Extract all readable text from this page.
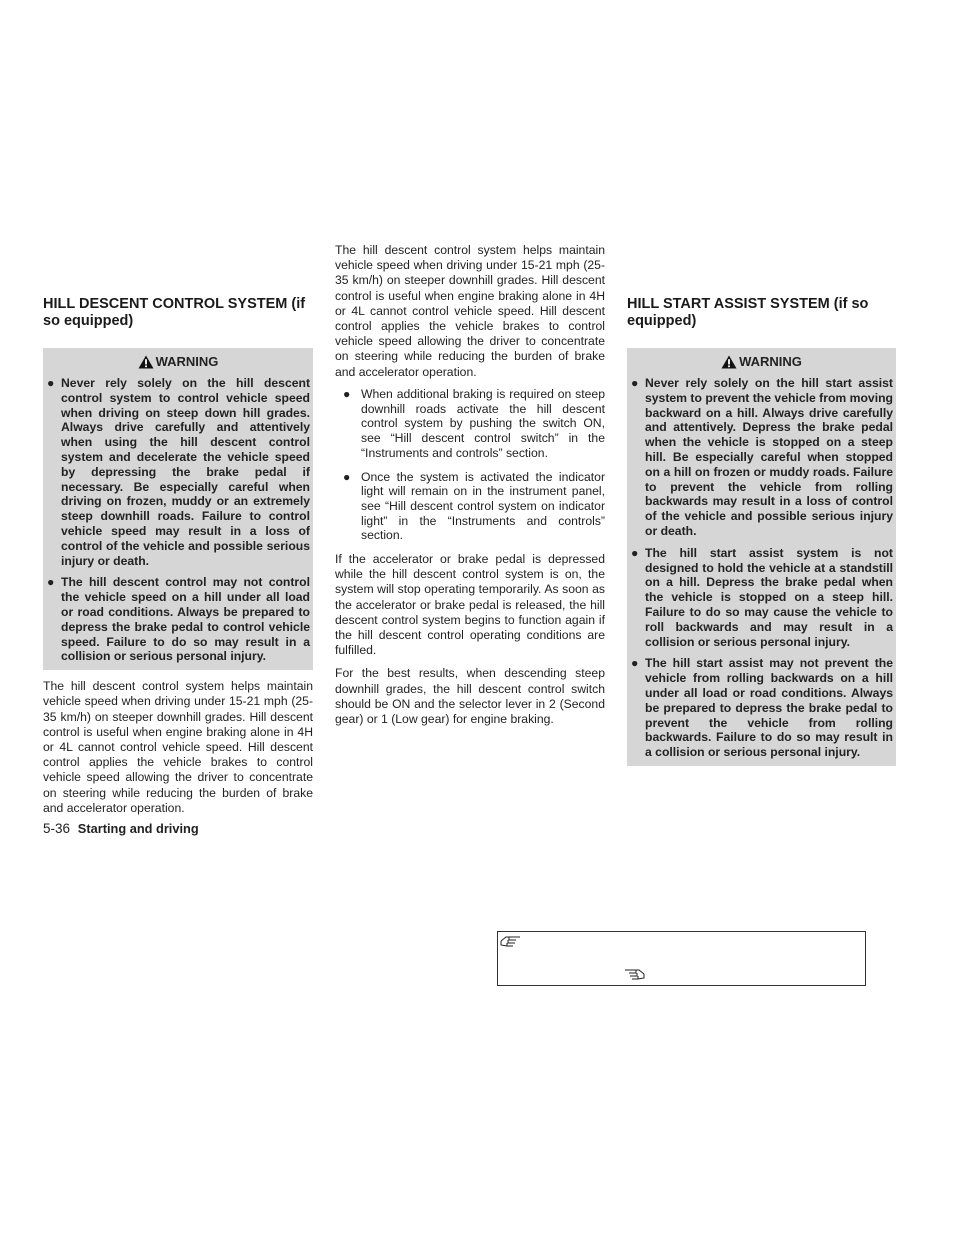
HILL DESCENT CONTROL SYSTEM (if so equipped)
WARNING
● Never rely solely on the hill descent control system to control vehicle speed when driving on steep down hill grades. Always drive carefully and attentively when using the hill descent control system and decelerate the vehicle speed by depressing the brake pedal if necessary. Be especially careful when driving on frozen, muddy or an extremely steep downhill roads. Failure to control vehicle speed may result in a loss of control of the vehicle and possible serious injury or death.
● The hill descent control may not control the vehicle speed on a hill under all load or road conditions. Always be prepared to depress the brake pedal to control vehicle speed. Failure to do so may result in a collision or serious personal injury.

The hill descent control system helps maintain vehicle speed when driving under 15-21 mph (25-35 km/h) on steeper downhill grades. Hill descent control is useful when engine braking alone in 4H or 4L cannot control vehicle speed. Hill descent control applies the vehicle brakes to control vehicle speed allowing the driver to concentrate on steering while reducing the burden of brake and accelerator operation.

The hill descent control system helps maintain vehicle speed when driving under 15-21 mph (25-35 km/h) on steeper downhill grades. Hill descent control is useful when engine braking alone in 4H or 4L cannot control vehicle speed. Hill descent control applies the vehicle brakes to control vehicle speed allowing the driver to concentrate on steering while reducing the burden of brake and accelerator operation.

● When additional braking is required on steep downhill roads activate the hill descent control system by pushing the switch ON, see “Hill descent control switch” in the “Instruments and controls” section.
● Once the system is activated the indicator light will remain on in the instrument panel, see “Hill descent control system on indicator light” in the “Instruments and controls” section.

If the accelerator or brake pedal is depressed while the hill descent control system is on, the system will stop operating temporarily. As soon as the accelerator or brake pedal is released, the hill descent control system begins to function again if the hill descent control operating conditions are fulfilled.

For the best results, when descending steep downhill grades, the hill descent control switch should be ON and the selector lever in 2 (Second gear) or 1 (Low gear) for engine braking.

HILL START ASSIST SYSTEM (if so equipped)
WARNING
● Never rely solely on the hill start assist system to prevent the vehicle from moving backward on a hill. Always drive carefully and attentively. Depress the brake pedal when the vehicle is stopped on a steep hill. Be especially careful when stopped on a hill on frozen or muddy roads. Failure to prevent the vehicle from rolling backwards may result in a loss of control of the vehicle and possible serious injury or death.
● The hill start assist system is not designed to hold the vehicle at a standstill on a hill. Depress the brake pedal when the vehicle is stopped on a steep hill. Failure to do so may cause the vehicle to roll backwards and may result in a collision or serious personal injury.
● The hill start assist may not prevent the vehicle from rolling backwards on a hill under all load or road conditions. Always be prepared to depress the brake pedal to prevent the vehicle from rolling backwards. Failure to do so may result in a collision or serious personal injury.
5-36 Starting and driving
